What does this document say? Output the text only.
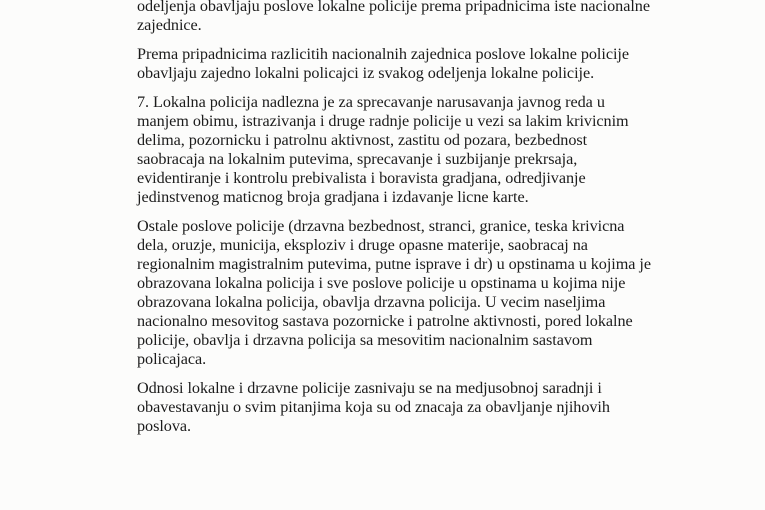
odeljenja obavljaju poslove lokalne policije prema pripadnicima iste nacionalne
zajednice.

Prema pripadnicima razlicitih nacionalnih zajednica poslove lokalne policije
obavljaju zajedno lokalni policajci iz svakog odeljenja lokalne policije.

7. Lokalna policija nadlezna je za sprecavanje narusavanja javnog reda u
manjem obimu, istrazivanja i druge radnje policije u vezi sa lakim krivicnim
delima, pozornicku i patrolnu aktivnost, zastitu od pozara, bezbednost
saobracaja na lokalnim putevima, sprecavanje i suzbijanje prekrsaja,
evidentiranje i kontrolu prebivalista i boravista gradjana, odredjivanje
jedinstvenog maticnog broja gradjana i izdavanje licne karte.

Ostale poslove policije (drzavna bezbednost, stranci, granice, teska krivicna
dela, oruzje, municija, eksploziv i druge opasne materije, saobracaj na
regionalnim magistralnim putevima, putne isprave i dr) u opstinama u kojima je
obrazovana lokalna policija i sve poslove policije u opstinama u kojima nije
obrazovana lokalna policija, obavlja drzavna policija. U vecim naseljima
nacionalno mesovitog sastava pozornicke i patrolne aktivnosti, pored lokalne
policije, obavlja i drzavna policija sa mesovitim nacionalnim sastavom
policajaca.

Odnosi lokalne i drzavne policije zasnivaju se na medjusobnoj saradnji i
obavestavanju o svim pitanjima koja su od znacaja za obavljanje njihovih
poslova.
